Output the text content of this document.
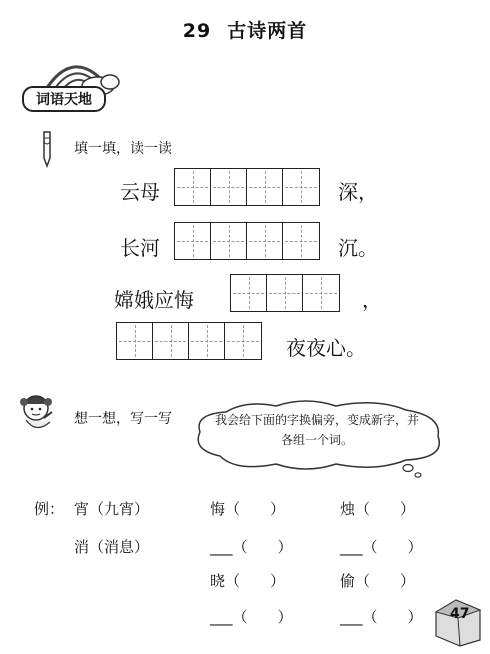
29 古诗两首
词语天地
填一填，读一读
云母	深，
长河	沉。
嫦娥应悔	，
夜夜心。
想一想，写一写	我会给下面的字换偏旁，变成新字，并各组一个词。
例： 宵（九宵）
消（消息）
悔（　　）	烛（　　）
___（　　）	___（　　）
晓（　　）	偷（　　）
___（　　）	___（　　） 47
